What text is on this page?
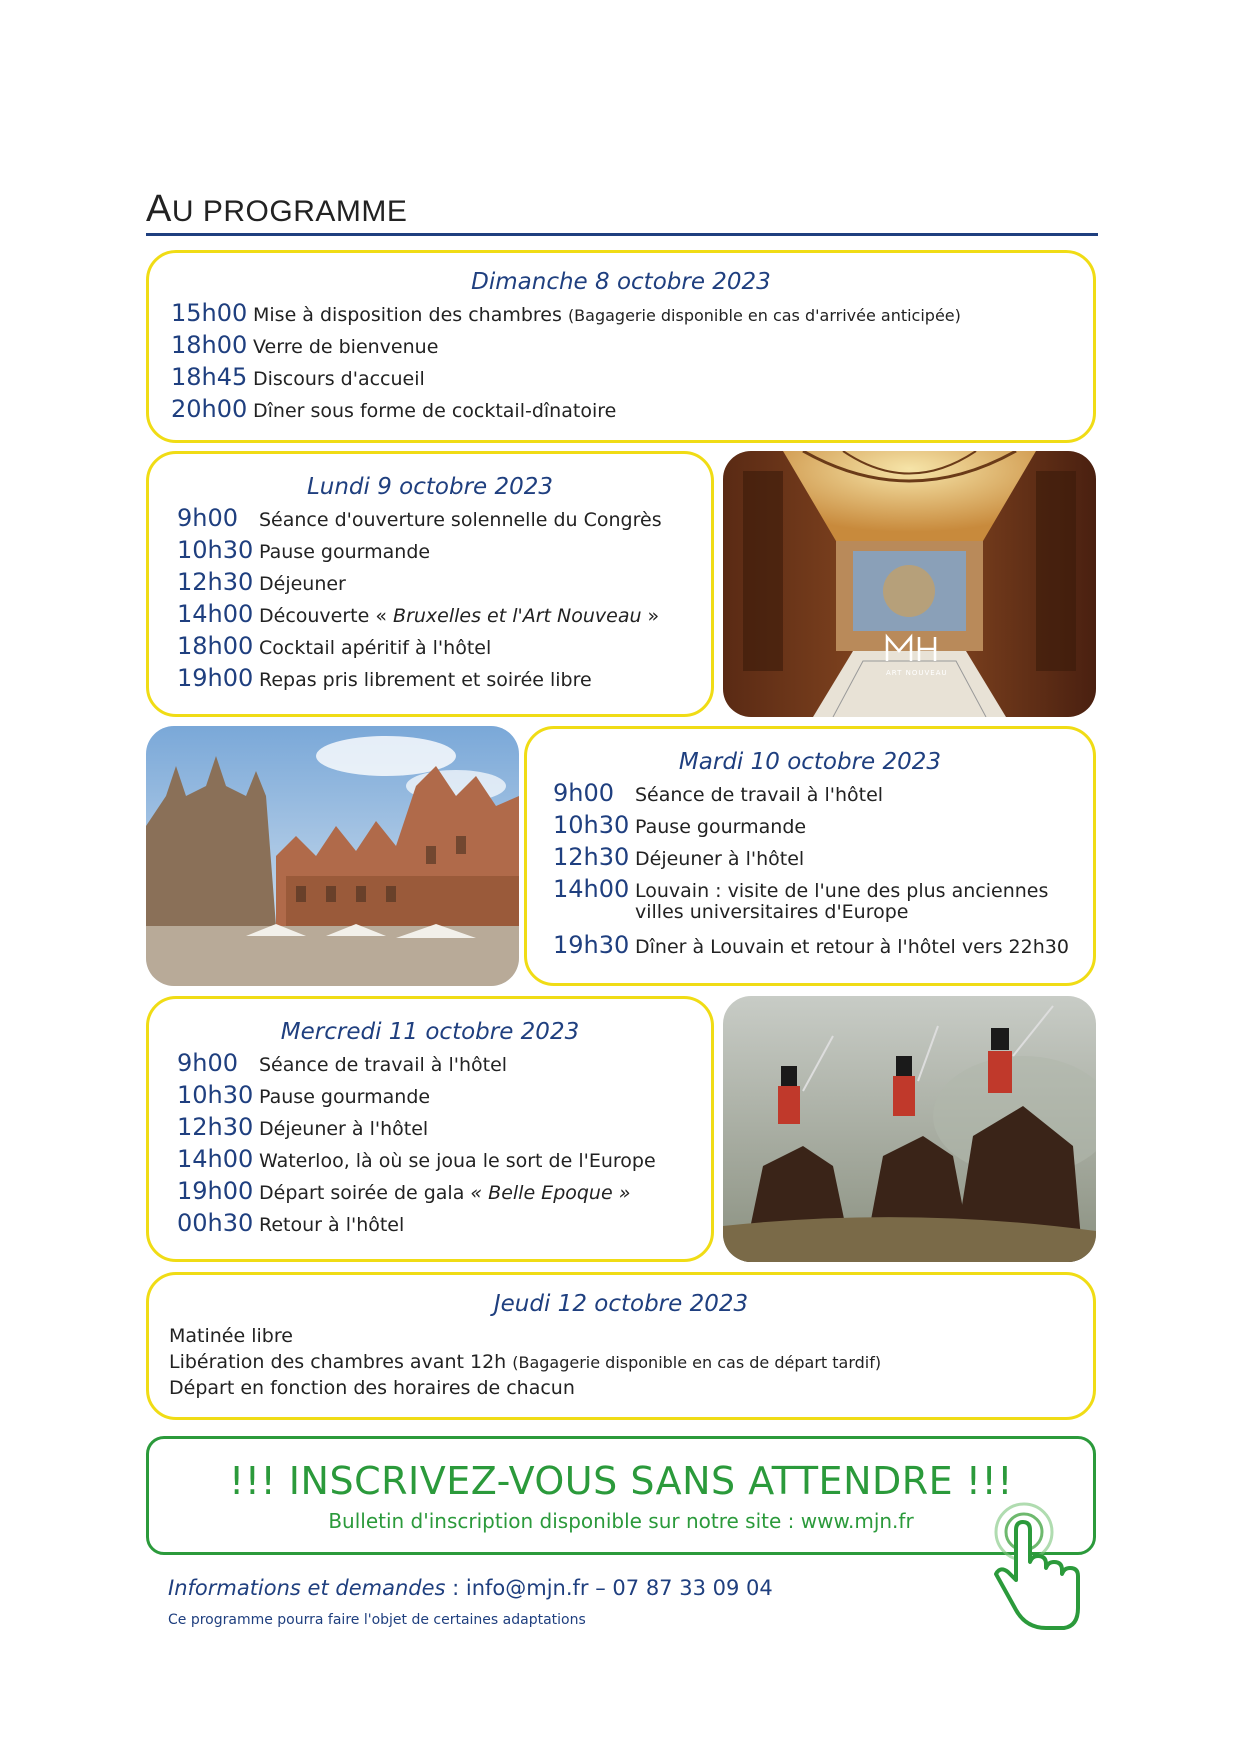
AU PROGRAMME
Dimanche 8 octobre 2023
15h00 Mise à disposition des chambres (Bagagerie disponible en cas d'arrivée anticipée)
18h00 Verre de bienvenue
18h45 Discours d'accueil
20h00 Dîner sous forme de cocktail-dînatoire
Lundi 9 octobre 2023
9h00	Séance d'ouverture solennelle du Congrès
10h30 Pause gourmande
12h30 Déjeuner
14h00 Découverte « Bruxelles et l'Art Nouveau »
18h00 Cocktail apéritif à l'hôtel
19h00 Repas pris librement et soirée libre	ART NOUVEAU
Mardi 10 octobre 2023
9h00	Séance de travail à l'hôtel
10h30 Pause gourmande
12h30 Déjeuner à l'hôtel
14h00 Louvain : visite de l'une des plus anciennes
villes universitaires d'Europe
19h30 Dîner à Louvain et retour à l'hôtel vers 22h30
Mercredi 11 octobre 2023
9h00	Séance de travail à l'hôtel
10h30 Pause gourmande
12h30 Déjeuner à l'hôtel
14h00 Waterloo, là où se joua le sort de l'Europe
19h00 Départ soirée de gala « Belle Epoque »
00h30 Retour à l'hôtel
Jeudi 12 octobre 2023
Matinée libre
Libération des chambres avant 12h (Bagagerie disponible en cas de départ tardif)
Départ en fonction des horaires de chacun
!!! INSCRIVEZ-VOUS SANS ATTENDRE !!!
Bulletin d'inscription disponible sur notre site : www.mjn.fr
Informations et demandes : info@mjn.fr – 07 87 33 09 04
Ce programme pourra faire l'objet de certaines adaptations
